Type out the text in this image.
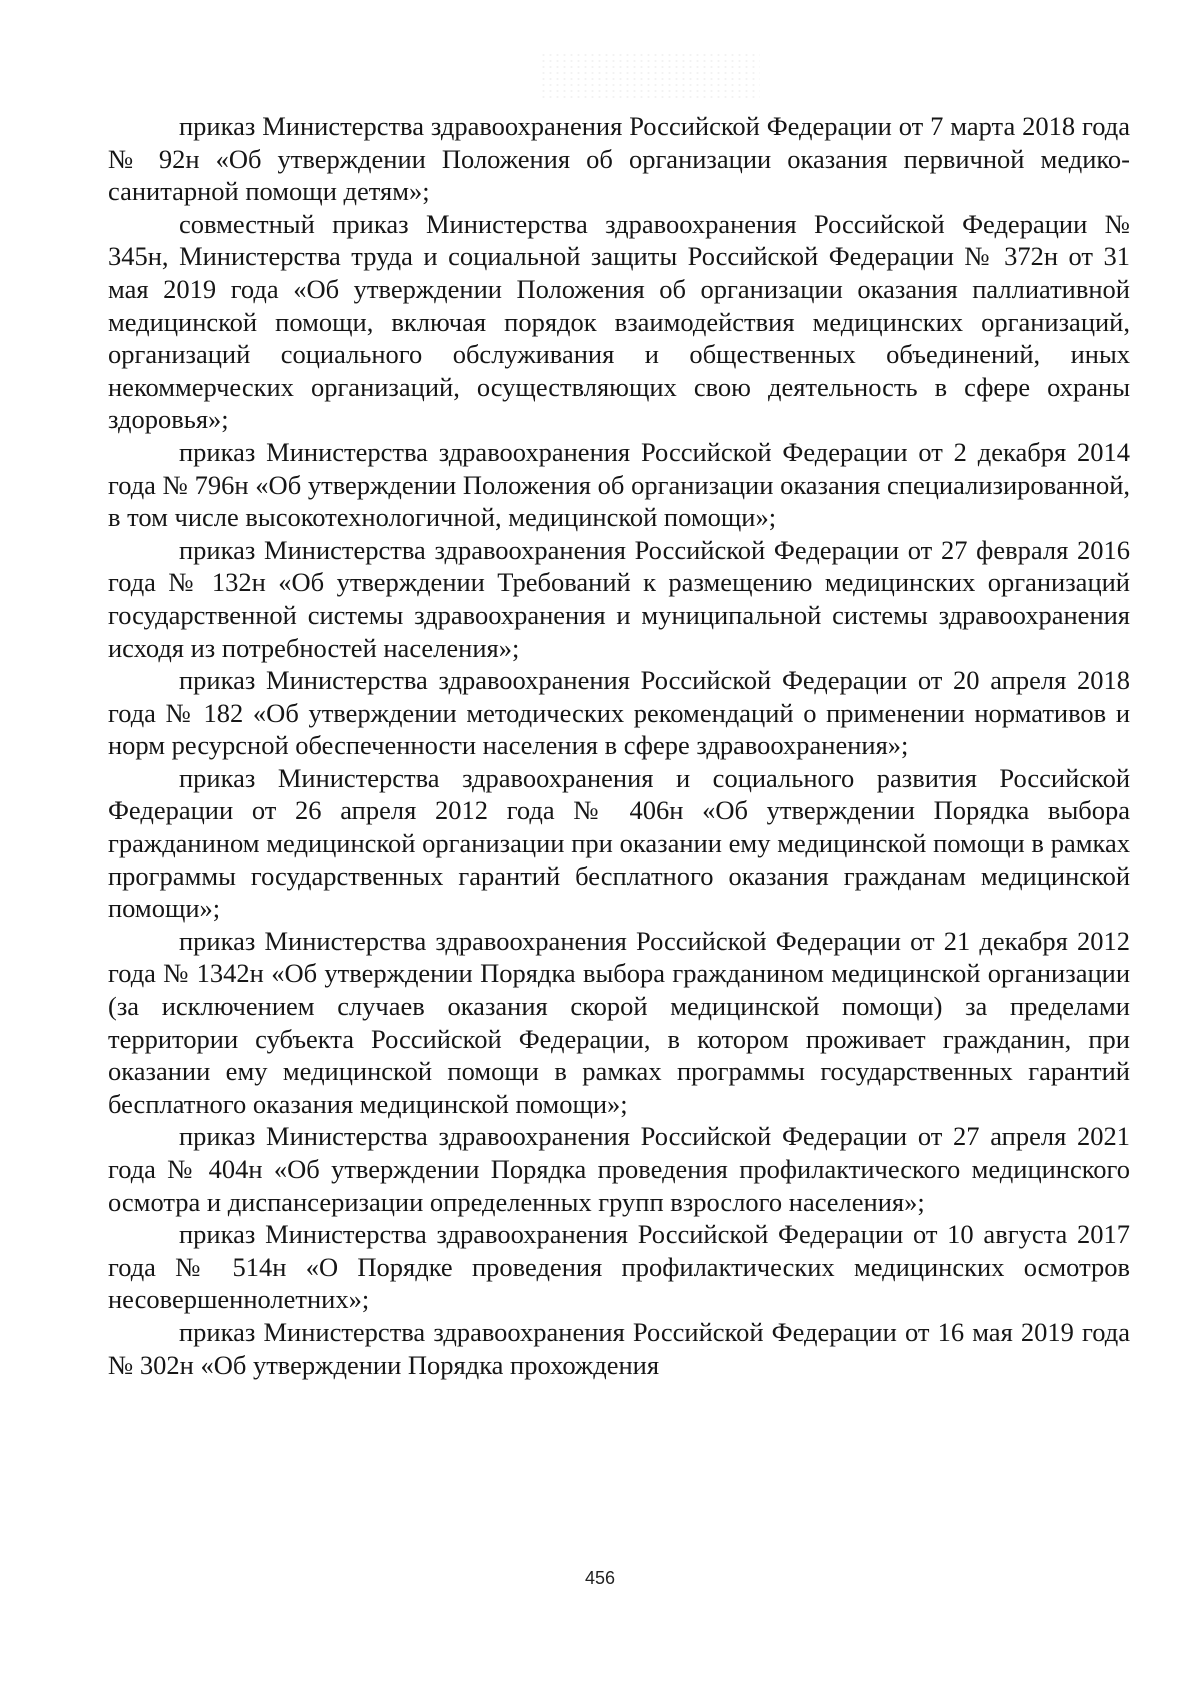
приказ Министерства здравоохранения Российской Федерации от 7 марта 2018 года № 92н «Об утверждении Положения об организации оказания первичной медико-санитарной помощи детям»;

совместный приказ Министерства здравоохранения Российской Федерации № 345н, Министерства труда и социальной защиты Российской Федерации № 372н от 31 мая 2019 года «Об утверждении Положения об организации оказания паллиативной медицинской помощи, включая порядок взаимодействия медицинских организаций, организаций социального обслуживания и общественных объединений, иных некоммерческих организаций, осуществляющих свою деятельность в сфере охраны здоровья»;

приказ Министерства здравоохранения Российской Федерации от 2 декабря 2014 года № 796н «Об утверждении Положения об организации оказания специализированной, в том числе высокотехнологичной, медицинской помощи»;

приказ Министерства здравоохранения Российской Федерации от 27 февраля 2016 года № 132н «Об утверждении Требований к размещению медицинских организаций государственной системы здравоохранения и муниципальной системы здравоохранения исходя из потребностей населения»;

приказ Министерства здравоохранения Российской Федерации от 20 апреля 2018 года № 182 «Об утверждении методических рекомендаций о применении нормативов и норм ресурсной обеспеченности населения в сфере здравоохранения»;

приказ Министерства здравоохранения и социального развития Российской Федерации от 26 апреля 2012 года № 406н «Об утверждении Порядка выбора гражданином медицинской организации при оказании ему медицинской помощи в рамках программы государственных гарантий бесплатного оказания гражданам медицинской помощи»;

приказ Министерства здравоохранения Российской Федерации от 21 декабря 2012 года № 1342н «Об утверждении Порядка выбора гражданином медицинской организации (за исключением случаев оказания скорой медицинской помощи) за пределами территории субъекта Российской Федерации, в котором проживает гражданин, при оказании ему медицинской помощи в рамках программы государственных гарантий бесплатного оказания медицинской помощи»;

приказ Министерства здравоохранения Российской Федерации от 27 апреля 2021 года № 404н «Об утверждении Порядка проведения профилактического медицинского осмотра и диспансеризации определенных групп взрослого населения»;

приказ Министерства здравоохранения Российской Федерации от 10 августа 2017 года № 514н «О Порядке проведения профилактических медицинских осмотров несовершеннолетних»;

приказ Министерства здравоохранения Российской Федерации от 16 мая 2019 года № 302н «Об утверждении Порядка прохождения

456
